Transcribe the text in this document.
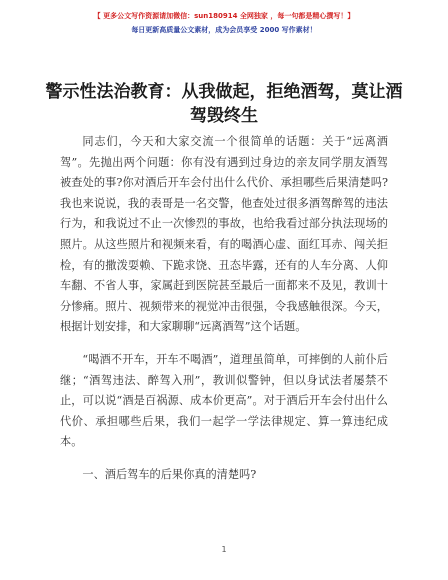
【 更多公文写作资源请加微信：sun180914 全网独家 ，每一句都是精心撰写！】
每日更新高质量公文素材，成为会员享受 2000 写作素材！
警示性法治教育：从我做起，拒绝酒驾，莫让酒驾毁终生

同志们，今天和大家交流一个很简单的话题：关于“远离酒驾”。先抛出两个问题：你有没有遇到过身边的亲友同学朋友酒驾被查处的事?你对酒后开车会付出什么代价、承担哪些后果清楚吗?我也来说说，我的表哥是一名交警，他查处过很多酒驾醉驾的违法行为，和我说过不止一次惨烈的事故，也给我看过部分执法现场的照片。从这些照片和视频来看，有的喝酒心虚、面红耳赤、闯关拒检，有的撒泼耍赖、下跪求饶、丑态毕露，还有的人车分离、人仰车翻、不省人事，家属赶到医院甚至最后一面都来不及见，教训十分惨痛。照片、视频带来的视觉冲击很强，令我感触很深。今天，根据计划安排，和大家聊聊“远离酒驾”这个话题。

“喝酒不开车，开车不喝酒”，道理虽简单，可摔倒的人前仆后继；“酒驾违法、醉驾入刑”，教训似警钟，但以身试法者屡禁不止，可以说“酒是百祸源、成本价更高”。对于酒后开车会付出什么代价、承担哪些后果，我们一起学一学法律规定、算一算违纪成本。

一、酒后驾车的后果你真的清楚吗?

1
